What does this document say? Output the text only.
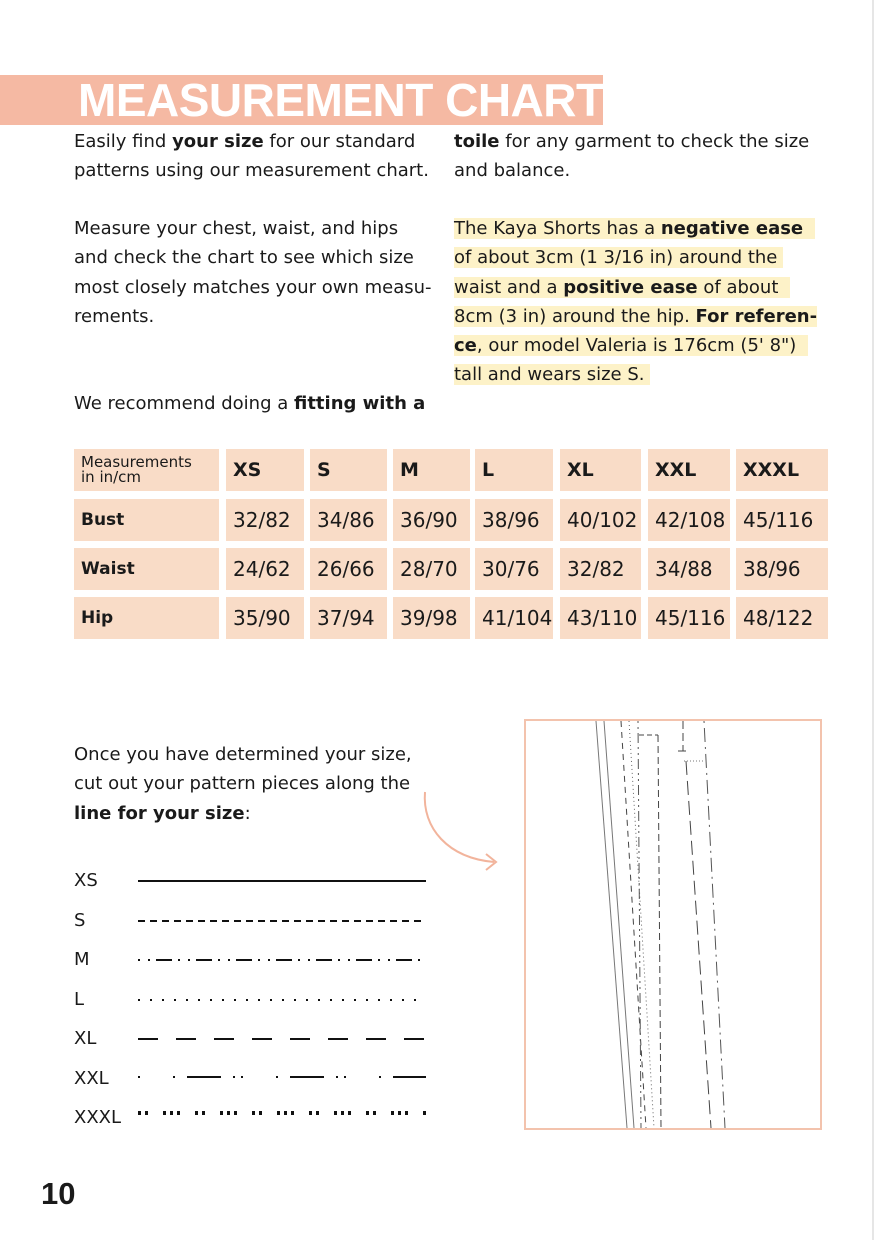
MEASUREMENT CHART
Easily find your size for our standard
patterns using our measurement chart.
Measure your chest, waist, and hips
and check the chart to see which size
most closely matches your own measu-
rements.
We recommend doing a fitting with a
toile for any garment to check the size
and balance.
The Kaya Shorts has a negative ease
of about 3cm (1 3/16 in) around the
waist and a positive ease of about
8cm (3 in) around the hip. For referen-
ce, our model Valeria is 176cm (5' 8")
tall and wears size S.
Measurements
in in/cm	XS	S	M	L	XL	XXL	XXXL
Bust	32/82	34/86	36/90	38/96	40/102 42/108 45/116
Waist	24/62	26/66	28/70	30/76	32/82	34/88	38/96
Hip	35/90	37/94	39/98	41/104 43/110 45/116 48/122
Once you have determined your size,
cut out your pattern pieces along the
line for your size:
XS
S
M
L
XL
XXL
XXXL
10
